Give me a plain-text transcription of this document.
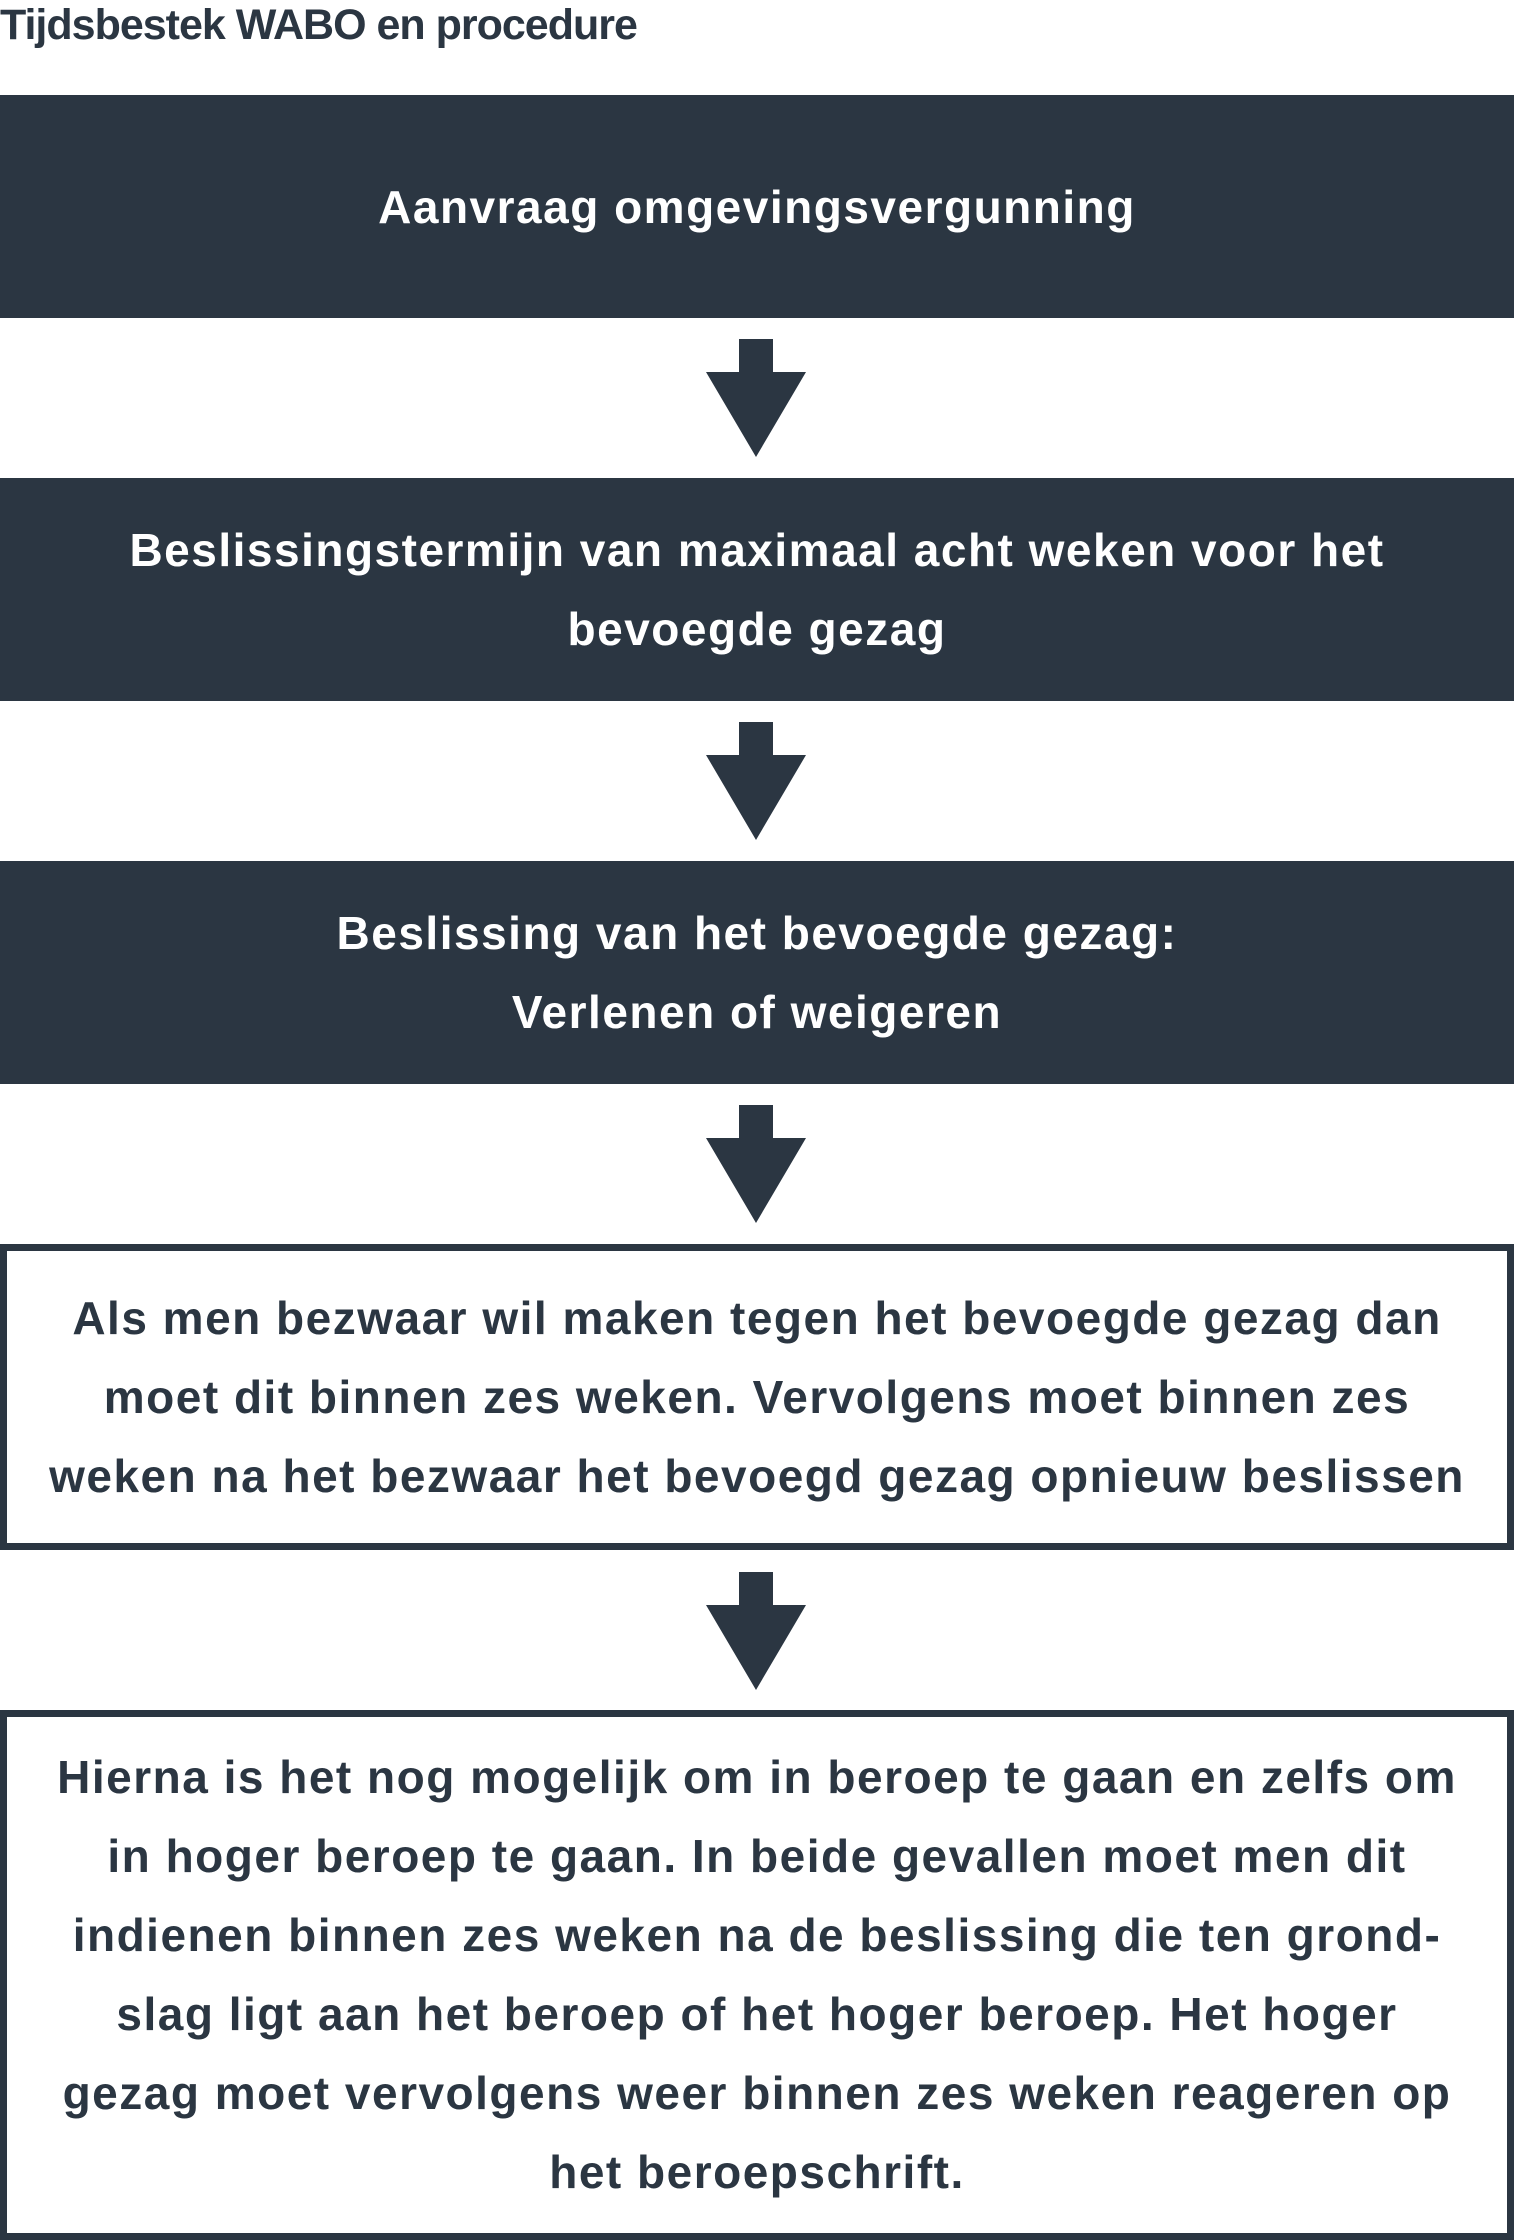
Tijdsbestek WABO en procedure
Aanvraag omgevingsvergunning
Beslissingstermijn van maximaal acht weken voor het
bevoegde gezag
Beslissing van het bevoegde gezag:
Verlenen of weigeren
Als men bezwaar wil maken tegen het bevoegde gezag dan
moet dit binnen zes weken. Vervolgens moet binnen zes
weken na het bezwaar het bevoegd gezag opnieuw beslissen
Hierna is het nog mogelijk om in beroep te gaan en zelfs om
in hoger beroep te gaan. In beide gevallen moet men dit
indienen binnen zes weken na de beslissing die ten grond-
slag ligt aan het beroep of het hoger beroep. Het hoger
gezag moet vervolgens weer binnen zes weken reageren op
het beroepschrift.
